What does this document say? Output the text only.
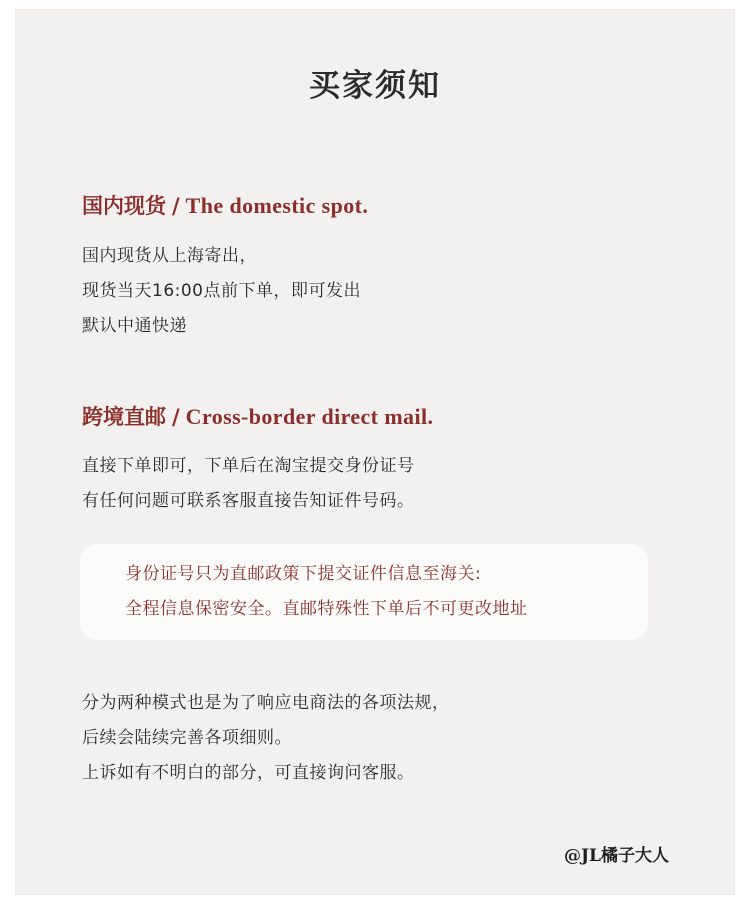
买家须知
国内现货 / The domestic spot.
国内现货从上海寄出，
现货当天16:00点前下单，即可发出
默认中通快递
跨境直邮 / Cross-border direct mail.
直接下单即可，下单后在淘宝提交身份证号
有任何问题可联系客服直接告知证件号码。
身份证号只为直邮政策下提交证件信息至海关:
全程信息保密安全。直邮特殊性下单后不可更改地址
分为两种模式也是为了响应电商法的各项法规，
后续会陆续完善各项细则。
上诉如有不明白的部分，可直接询问客服。
@JL橘子大人
